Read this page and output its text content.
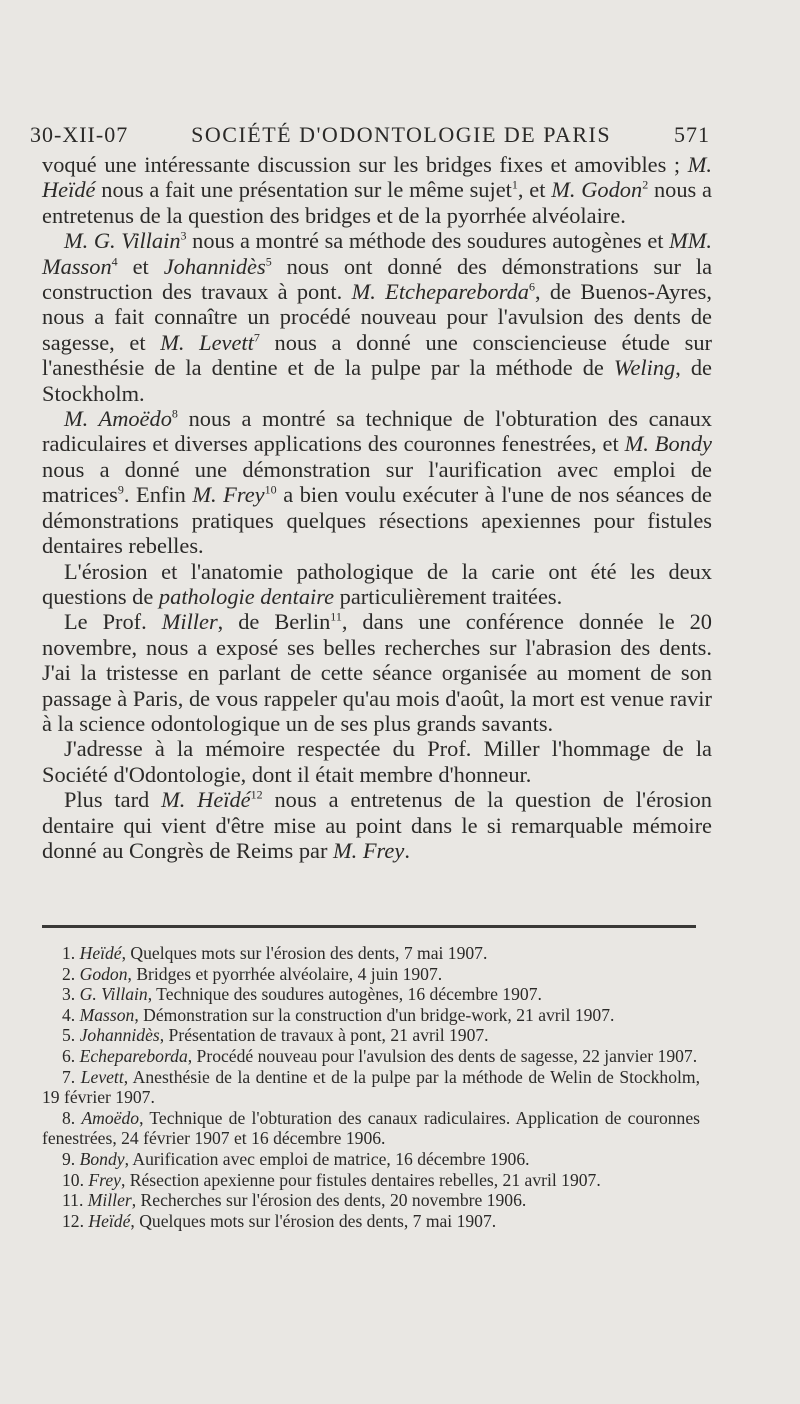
30-XII-07	SOCIÉTÉ D'ODONTOLOGIE DE PARIS	571

voqué une intéressante discussion sur les bridges fixes et amovibles ; M. Heïdé nous a fait une présentation sur le même sujet$^1$, et M. Godon$^2$ nous a entretenus de la question des bridges et de la pyorrhée alvéolaire.

M. G. Villain$^3$ nous a montré sa méthode des soudures autogènes et MM. Masson$^4$ et Johannidès$^5$ nous ont donné des démonstrations sur la construction des travaux à pont. M. Etchepareborda$^6$, de Buenos-Ayres, nous a fait connaître un procédé nouveau pour l'avulsion des dents de sagesse, et M. Levett$^7$ nous a donné une consciencieuse étude sur l'anesthésie de la dentine et de la pulpe par la méthode de Weling, de Stockholm.

M. Amoëdo$^8$ nous a montré sa technique de l'obturation des canaux radiculaires et diverses applications des couronnes fenestrées, et M. Bondy nous a donné une démonstration sur l'aurification avec emploi de matrices$^9$. Enfin M. Frey$^{10}$ a bien voulu exécuter à l'une de nos séances de démonstrations pratiques quelques résections apexiennes pour fistules dentaires rebelles.

L'érosion et l'anatomie pathologique de la carie ont été les deux questions de pathologie dentaire particulièrement traitées.

Le Prof. Miller, de Berlin$^{11}$, dans une conférence donnée le 20 novembre, nous a exposé ses belles recherches sur l'abrasion des dents. J'ai la tristesse en parlant de cette séance organisée au moment de son passage à Paris, de vous rappeler qu'au mois d'août, la mort est venue ravir à la science odontologique un de ses plus grands savants.

J'adresse à la mémoire respectée du Prof. Miller l'hommage de la Société d'Odontologie, dont il était membre d'honneur.

Plus tard M. Heïdé$^{12}$ nous a entretenus de la question de l'érosion dentaire qui vient d'être mise au point dans le si remarquable mémoire donné au Congrès de Reims par M. Frey.

1. Heïdé, Quelques mots sur l'érosion des dents, 7 mai 1907.
2. Godon, Bridges et pyorrhée alvéolaire, 4 juin 1907.
3. G. Villain, Technique des soudures autogènes, 16 décembre 1907.
4. Masson, Démonstration sur la construction d'un bridge-work, 21 avril 1907.
5. Johannidès, Présentation de travaux à pont, 21 avril 1907.
6. Echepareborda, Procédé nouveau pour l'avulsion des dents de sagesse, 22 janvier 1907.
7. Levett, Anesthésie de la dentine et de la pulpe par la méthode de Welin de Stockholm, 19 février 1907.
8. Amoëdo, Technique de l'obturation des canaux radiculaires. Application de couronnes fenestrées, 24 février 1907 et 16 décembre 1906.
9. Bondy, Aurification avec emploi de matrice, 16 décembre 1906.
10. Frey, Résection apexienne pour fistules dentaires rebelles, 21 avril 1907.
11. Miller, Recherches sur l'érosion des dents, 20 novembre 1906.
12. Heïdé, Quelques mots sur l'érosion des dents, 7 mai 1907.
